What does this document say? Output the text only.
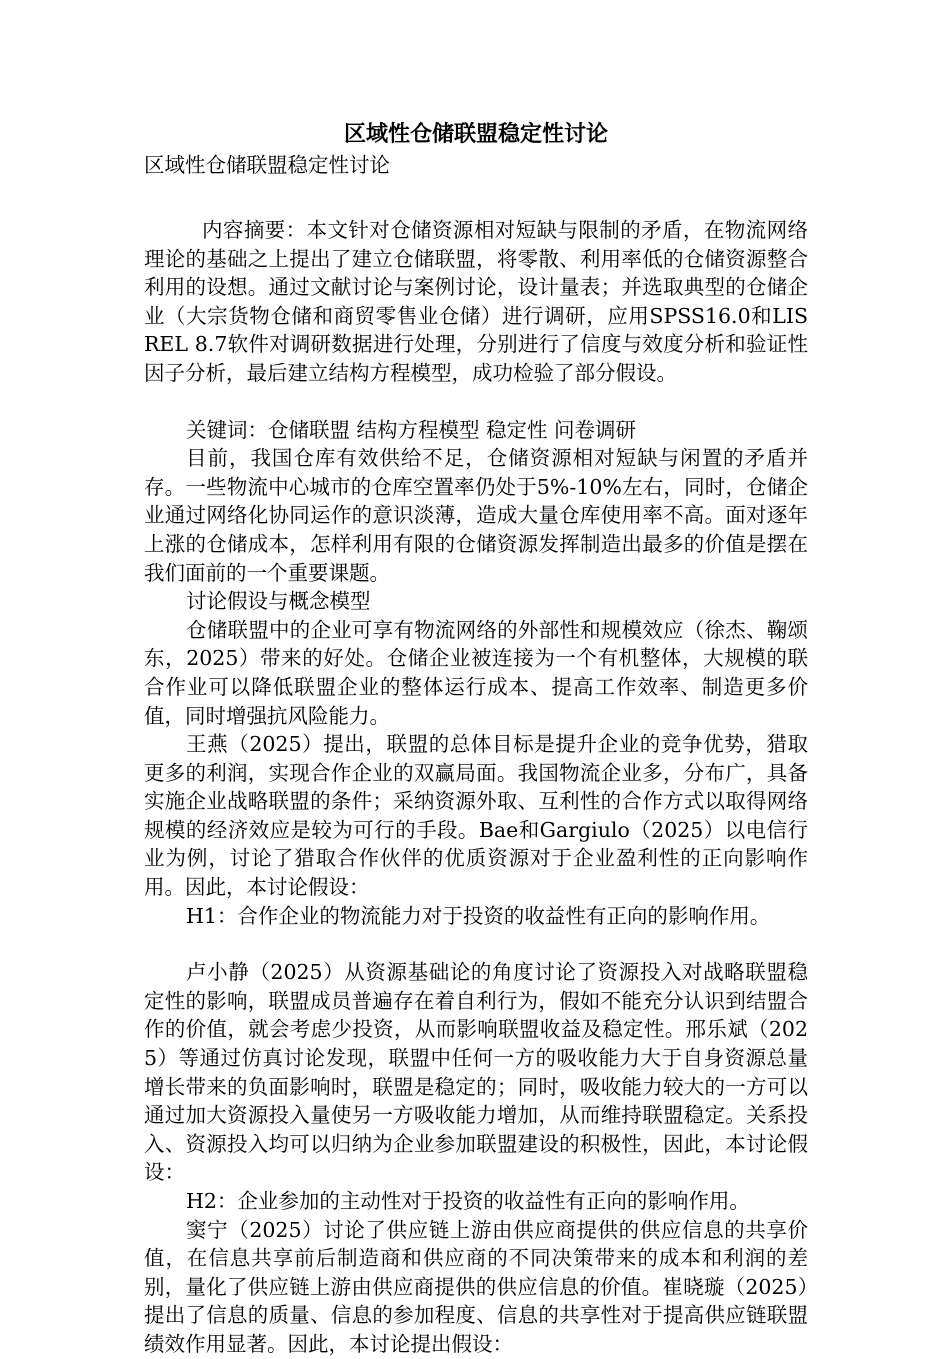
区域性仓储联盟稳定性讨论

区域性仓储联盟稳定性讨论

内容摘要：本文针对仓储资源相对短缺与限制的矛盾，在物流网络理论的基础之上提出了建立仓储联盟，将零散、利用率低的仓储资源整合利用的设想。通过文献讨论与案例讨论，设计量表；并选取典型的仓储企业（大宗货物仓储和商贸零售业仓储）进行调研，应用SPSS16.0和LISREL 8.7软件对调研数据进行处理，分别进行了信度与效度分析和验证性因子分析，最后建立结构方程模型，成功检验了部分假设。

关键词：仓储联盟 结构方程模型 稳定性 问卷调研

目前，我国仓库有效供给不足，仓储资源相对短缺与闲置的矛盾并存。一些物流中心城市的仓库空置率仍处于5%-10%左右，同时，仓储企业通过网络化协同运作的意识淡薄，造成大量仓库使用率不高。面对逐年上涨的仓储成本，怎样利用有限的仓储资源发挥制造出最多的价值是摆在我们面前的一个重要课题。

讨论假设与概念模型

仓储联盟中的企业可享有物流网络的外部性和规模效应（徐杰、鞠颂东，2025）带来的好处。仓储企业被连接为一个有机整体，大规模的联合作业可以降低联盟企业的整体运行成本、提高工作效率、制造更多价值，同时增强抗风险能力。

王燕（2025）提出，联盟的总体目标是提升企业的竞争优势，猎取更多的利润，实现合作企业的双赢局面。我国物流企业多，分布广，具备实施企业战略联盟的条件；采纳资源外取、互利性的合作方式以取得网络规模的经济效应是较为可行的手段。Bae和Gargiulo（2025）以电信行业为例，讨论了猎取合作伙伴的优质资源对于企业盈利性的正向影响作用。因此，本讨论假设：

H1：合作企业的物流能力对于投资的收益性有正向的影响作用。

卢小静（2025）从资源基础论的角度讨论了资源投入对战略联盟稳定性的影响，联盟成员普遍存在着自利行为，假如不能充分认识到结盟合作的价值，就会考虑少投资，从而影响联盟收益及稳定性。邢乐斌（2025）等通过仿真讨论发现，联盟中任何一方的吸收能力大于自身资源总量增长带来的负面影响时，联盟是稳定的；同时，吸收能力较大的一方可以通过加大资源投入量使另一方吸收能力增加，从而维持联盟稳定。关系投入、资源投入均可以归纳为企业参加联盟建设的积极性，因此，本讨论假设：

H2：企业参加的主动性对于投资的收益性有正向的影响作用。

窦宁（2025）讨论了供应链上游由供应商提供的供应信息的共享价值，在信息共享前后制造商和供应商的不同决策带来的成本和利润的差别，量化了供应链上游由供应商提供的供应信息的价值。崔晓璇（2025）提出了信息的质量、信息的参加程度、信息的共享性对于提高供应链联盟绩效作用显著。因此，本讨论提出假设：
